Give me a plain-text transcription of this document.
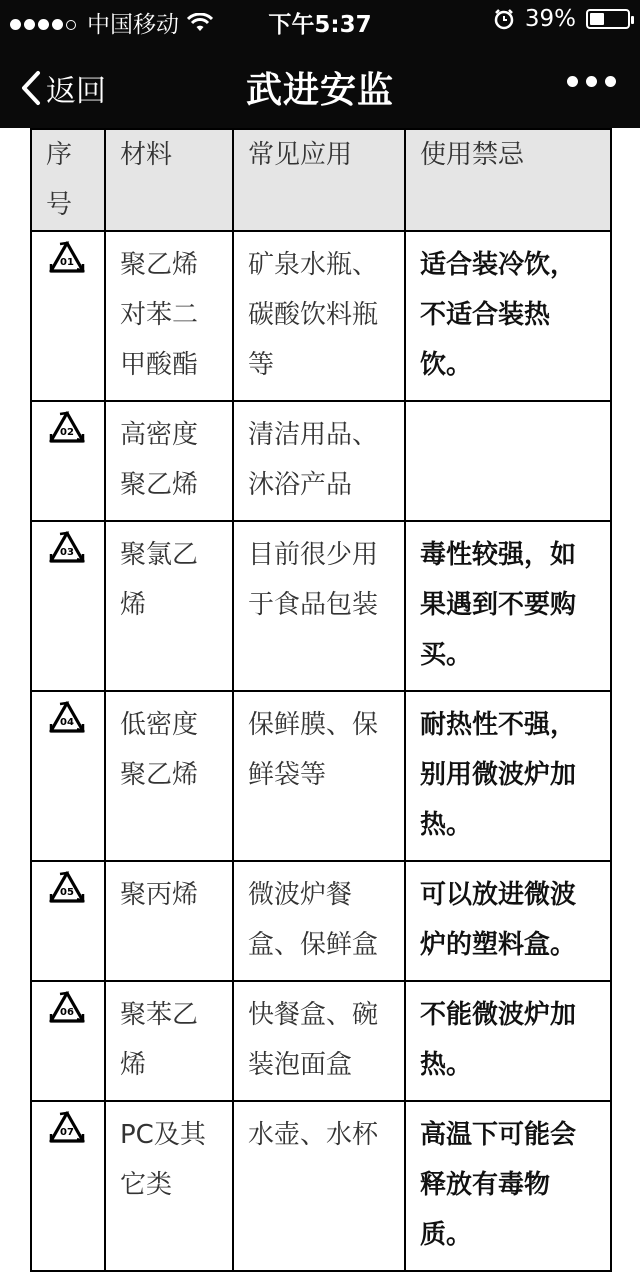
中国移动	下午5:37	39%
返回	武进安监
序号	材料	常见应用	使用禁忌

01	聚乙烯对苯二甲酸酯	矿泉水瓶、碳酸饮料瓶等	适合装冷饮，不适合装热饮。

02	高密度聚乙烯	清洁用品、沐浴产品	

03	聚氯乙烯	目前很少用于食品包装	毒性较强，如果遇到不要购买。

04	低密度聚乙烯	保鲜膜、保鲜袋等	耐热性不强，别用微波炉加热。

05	聚丙烯	微波炉餐盒、保鲜盒	可以放进微波炉的塑料盒。

06	聚苯乙烯	快餐盒、碗装泡面盒	不能微波炉加热。

07	PC及其它类	水壶、水杯	高温下可能会释放有毒物质。
